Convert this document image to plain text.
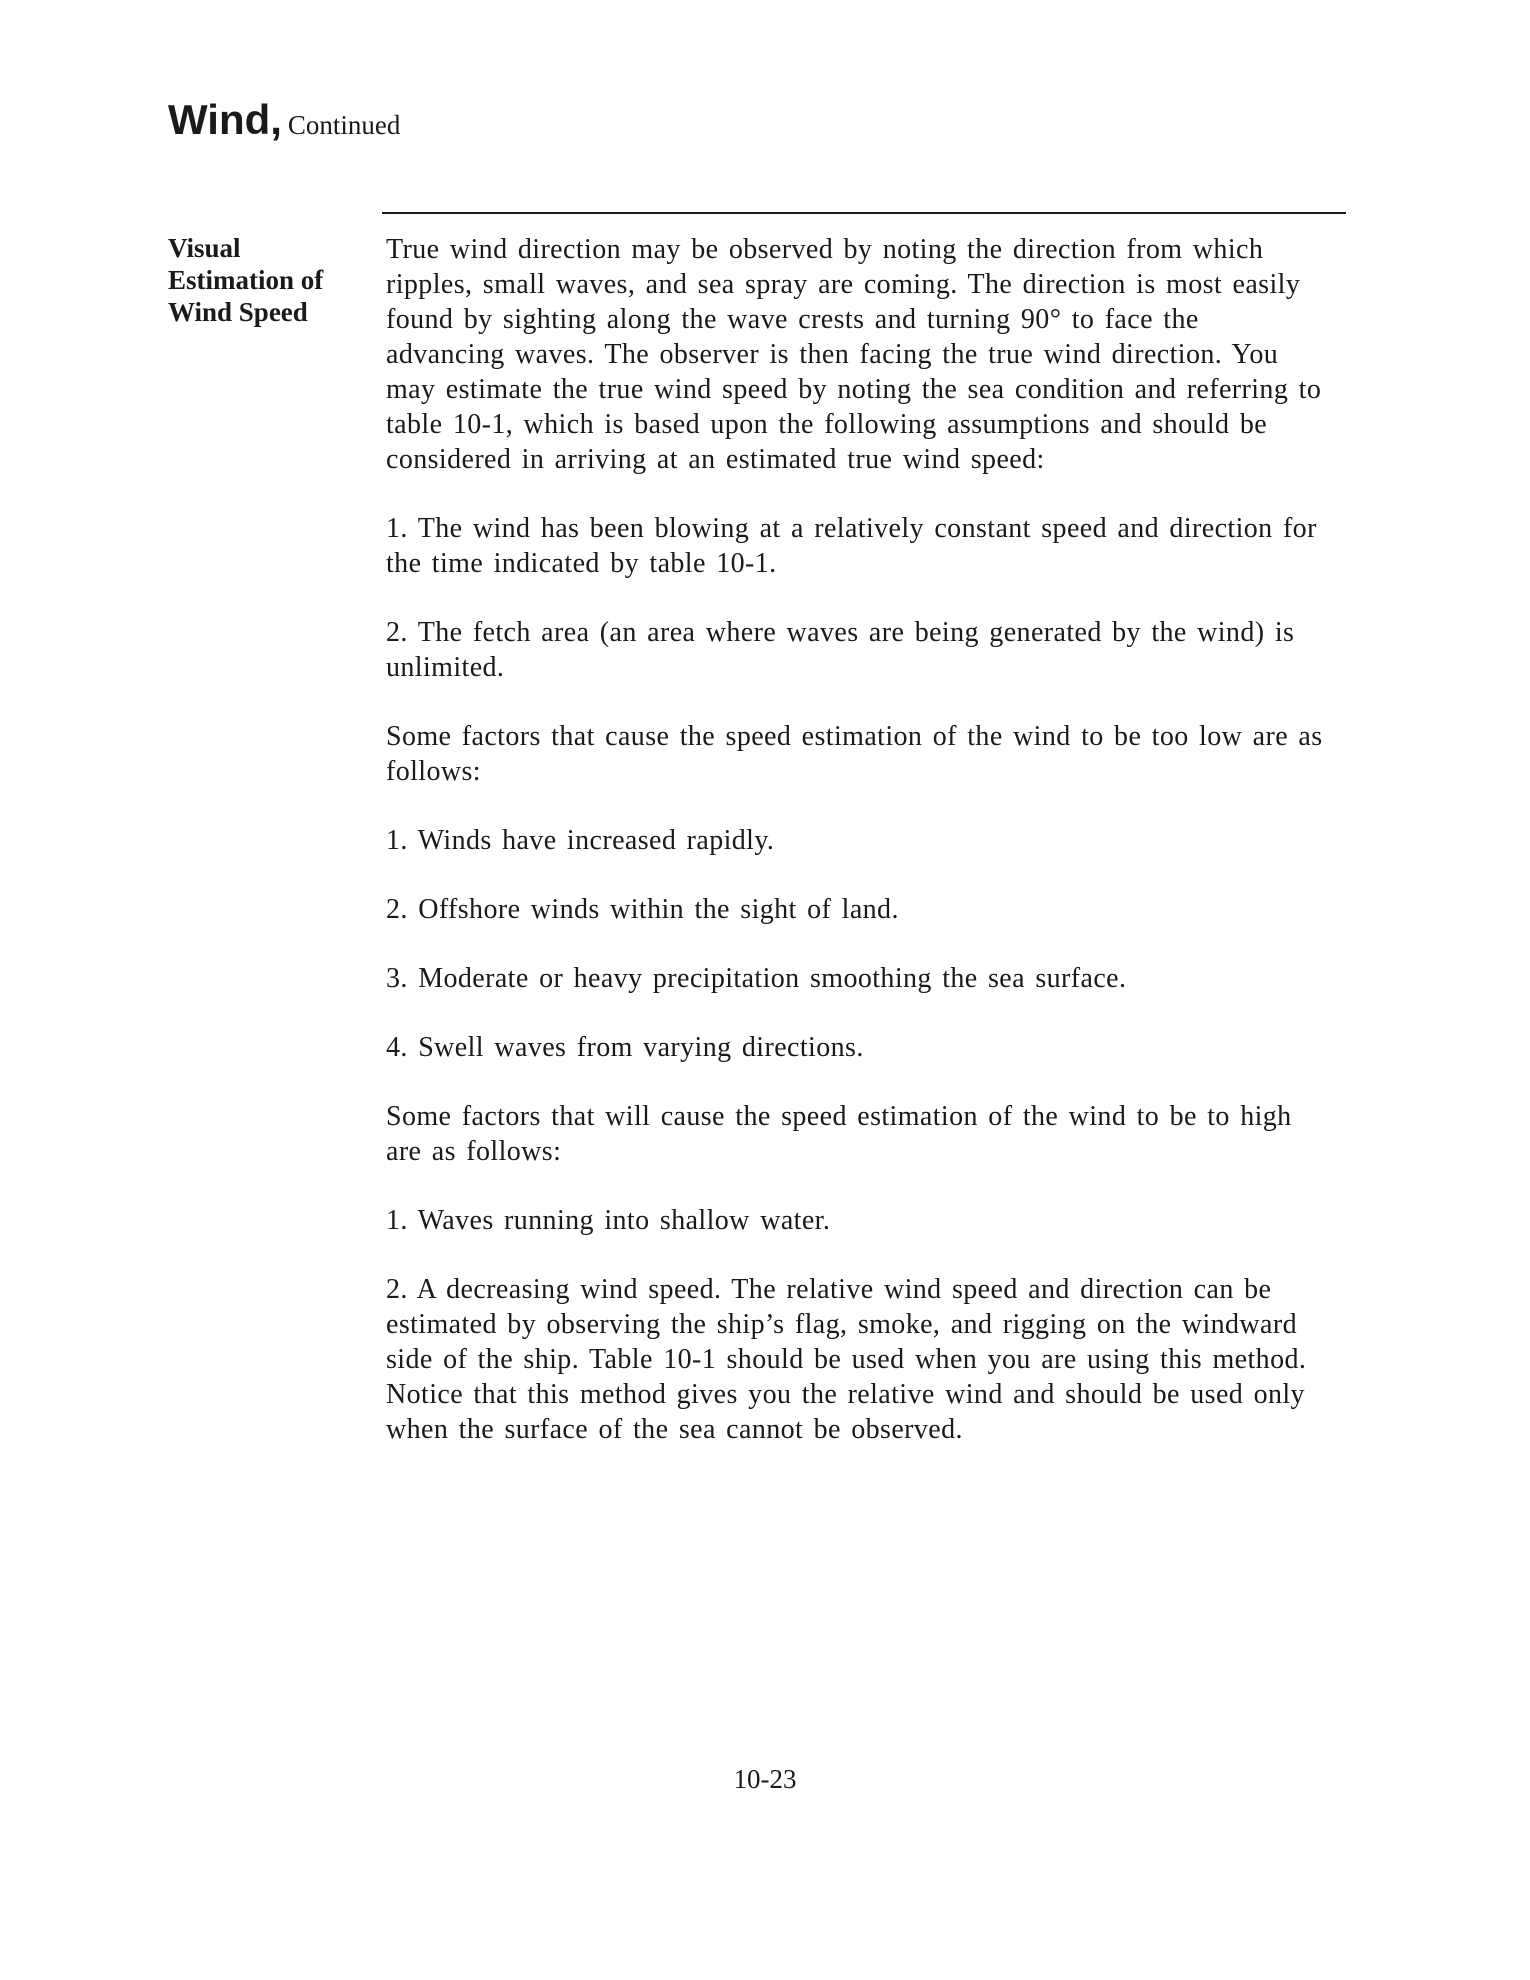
Wind, Continued
Visual
Estimation of
Wind Speed

True wind direction may be observed by noting the direction from which ripples, small waves, and sea spray are coming. The direction is most easily found by sighting along the wave crests and turning 90° to face the advancing waves. The observer is then facing the true wind direction. You may estimate the true wind speed by noting the sea condition and referring to table 10-1, which is based upon the following assumptions and should be considered in arriving at an estimated true wind speed:

1. The wind has been blowing at a relatively constant speed and direction for the time indicated by table 10-1.

2. The fetch area (an area where waves are being generated by the wind) is unlimited.

Some factors that cause the speed estimation of the wind to be too low are as follows:

1. Winds have increased rapidly.

2. Offshore winds within the sight of land.

3. Moderate or heavy precipitation smoothing the sea surface.

4. Swell waves from varying directions.

Some factors that will cause the speed estimation of the wind to be to high are as follows:

1. Waves running into shallow water.

2. A decreasing wind speed. The relative wind speed and direction can be estimated by observing the ship’s flag, smoke, and rigging on the windward side of the ship. Table 10-1 should be used when you are using this method. Notice that this method gives you the relative wind and should be used only when the surface of the sea cannot be observed.

10-23
